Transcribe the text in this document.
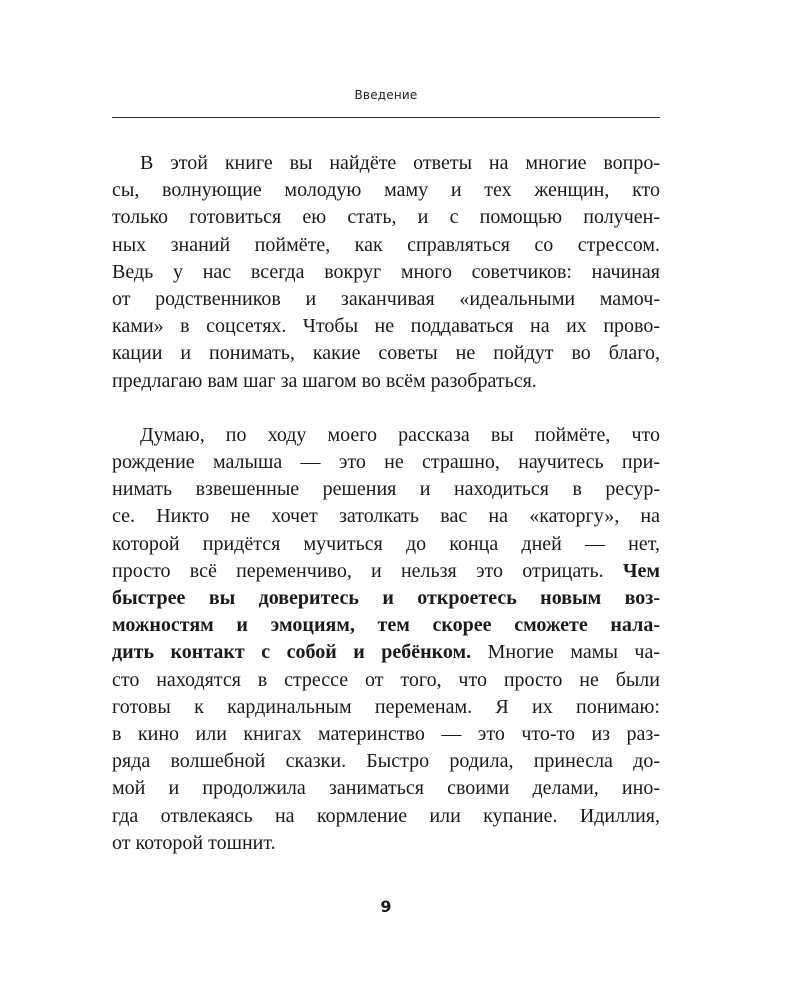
Введение
В этой книге вы найдёте ответы на многие вопро-
сы, волнующие молодую маму и тех женщин, кто
только готовиться ею стать, и с помощью получен-
ных знаний поймёте, как справляться со стрессом.
Ведь у нас всегда вокруг много советчиков: начиная
от родственников и заканчивая «идеальными мамоч-
ками» в соцсетях. Чтобы не поддаваться на их прово-
кации и понимать, какие советы не пойдут во благо,
предлагаю вам шаг за шагом во всём разобраться.
Думаю, по ходу моего рассказа вы поймёте, что
рождение малыша — это не страшно, научитесь при-
нимать взвешенные решения и находиться в ресур-
се. Никто не хочет затолкать вас на «каторгу», на
которой придётся мучиться до конца дней — нет,
просто всё переменчиво, и нельзя это отрицать. Чем
быстрее вы доверитесь и откроетесь новым воз-
можностям и эмоциям, тем скорее сможете нала-
дить контакт с собой и ребёнком. Многие мамы ча-
сто находятся в стрессе от того, что просто не были
готовы к кардинальным переменам. Я их понимаю:
в кино или книгах материнство — это что-то из раз-
ряда волшебной сказки. Быстро родила, принесла до-
мой и продолжила заниматься своими делами, ино-
гда отвлекаясь на кормление или купание. Идиллия,
от которой тошнит.
9
